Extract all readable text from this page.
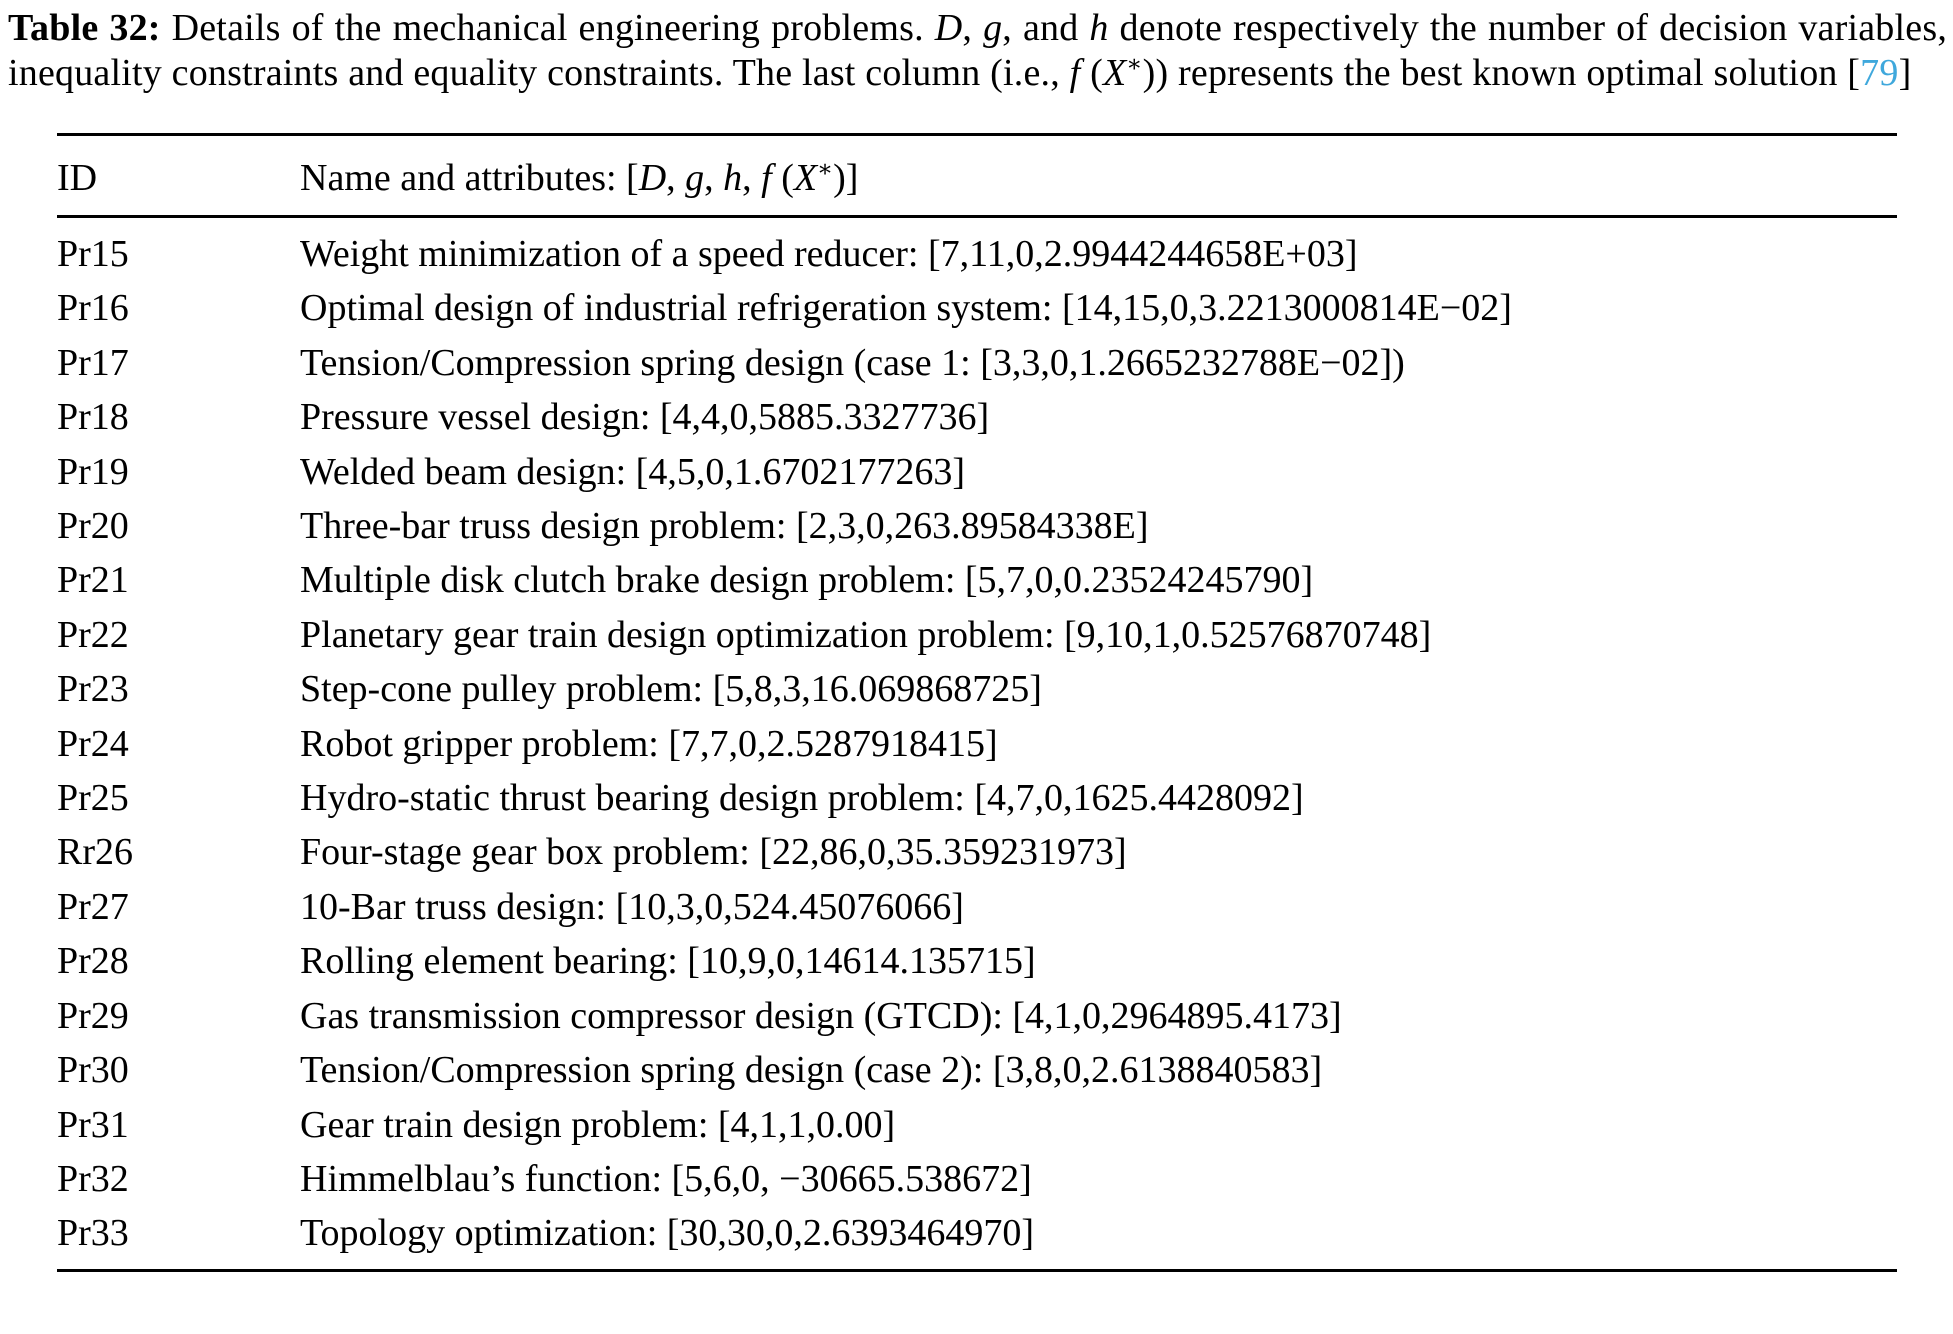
Table 32: Details of the mechanical engineering problems. D, g, and h denote respectively the number of decision variables, inequality constraints and equality constraints. The last column (i.e., f (X∗)) represents the best known optimal solution [79]

ID	Name and attributes: [D, g, h, f (X∗)]
Pr15	Weight minimization of a speed reducer: [7,11,0,2.9944244658E+03]
Pr16	Optimal design of industrial refrigeration system: [14,15,0,3.2213000814E−02]
Pr17	Tension/Compression spring design (case 1: [3,3,0,1.2665232788E−02])
Pr18	Pressure vessel design: [4,4,0,5885.3327736]
Pr19	Welded beam design: [4,5,0,1.6702177263]
Pr20	Three-bar truss design problem: [2,3,0,263.89584338E]
Pr21	Multiple disk clutch brake design problem: [5,7,0,0.23524245790]
Pr22	Planetary gear train design optimization problem: [9,10,1,0.52576870748]
Pr23	Step-cone pulley problem: [5,8,3,16.069868725]
Pr24	Robot gripper problem: [7,7,0,2.5287918415]
Pr25	Hydro-static thrust bearing design problem: [4,7,0,1625.4428092]
Rr26	Four-stage gear box problem: [22,86,0,35.359231973]
Pr27	10-Bar truss design: [10,3,0,524.45076066]
Pr28	Rolling element bearing: [10,9,0,14614.135715]
Pr29	Gas transmission compressor design (GTCD): [4,1,0,2964895.4173]
Pr30	Tension/Compression spring design (case 2): [3,8,0,2.6138840583]
Pr31	Gear train design problem: [4,1,1,0.00]
Pr32	Himmelblau’s function: [5,6,0, −30665.538672]
Pr33	Topology optimization: [30,30,0,2.6393464970]
